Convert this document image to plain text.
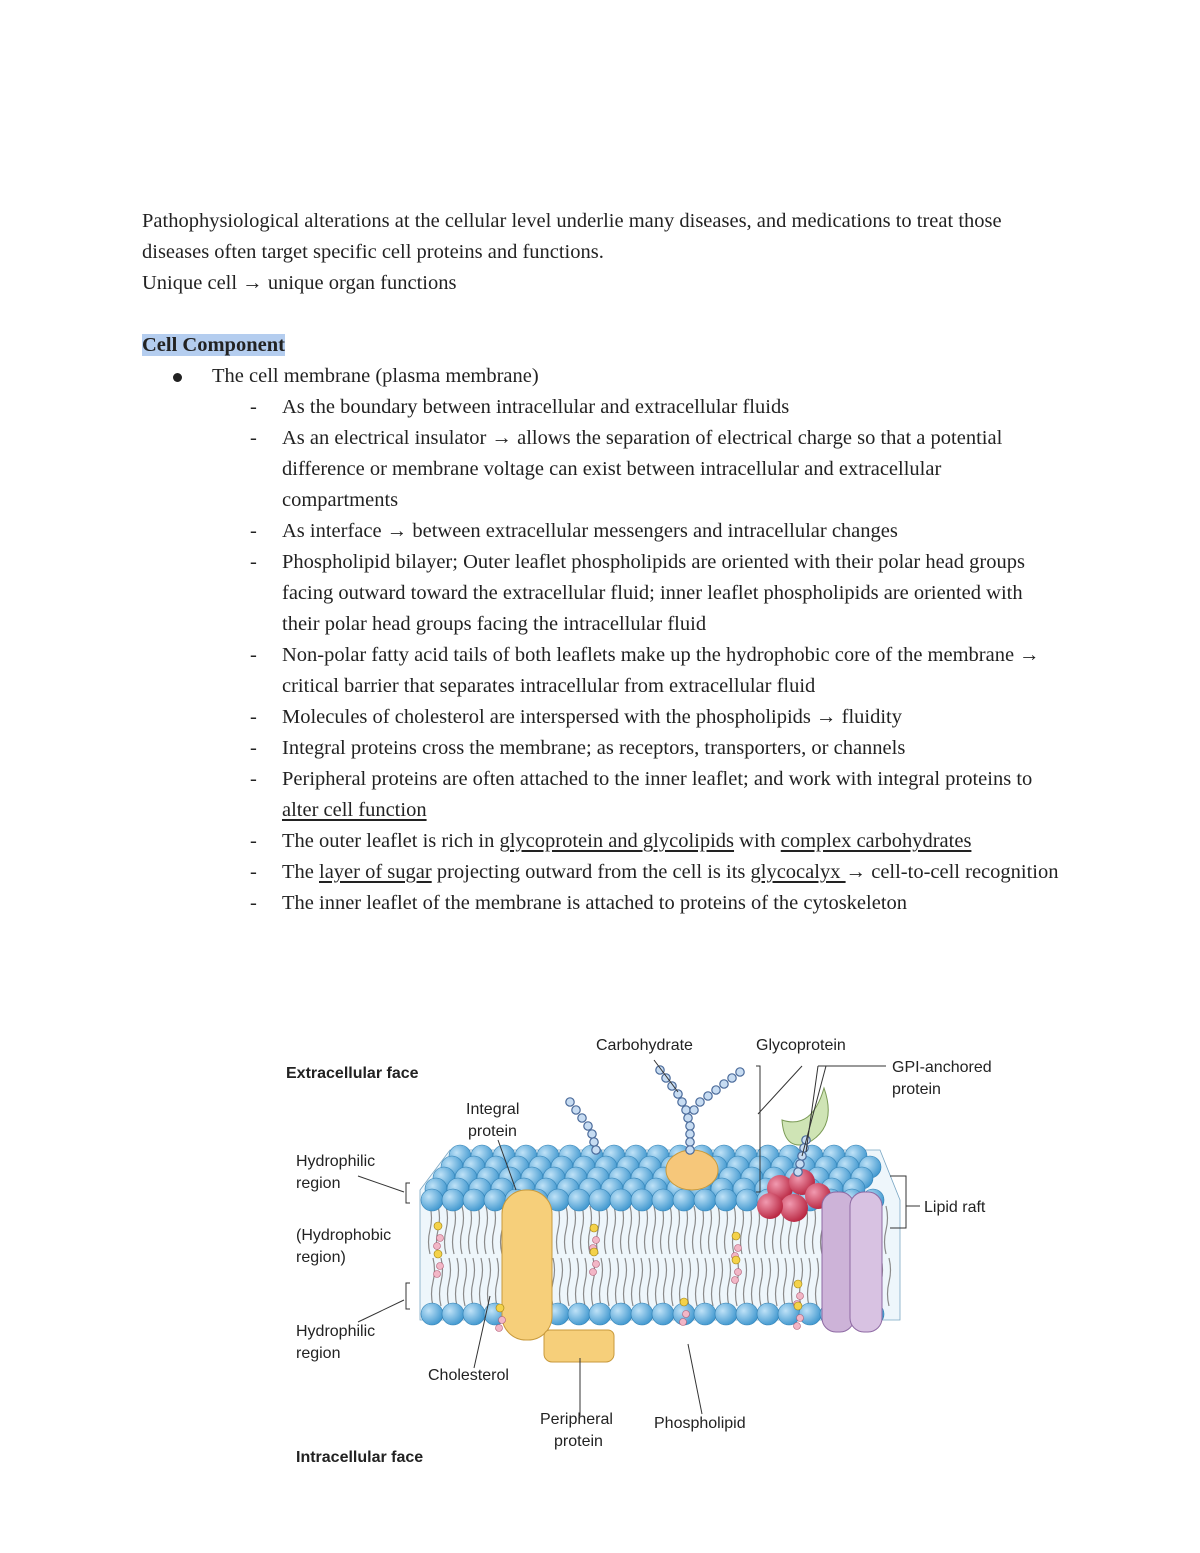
Pathophysiological alterations at the cellular level underlie many diseases, and medications to treat those diseases often target specific cell proteins and functions.

Unique cell → unique organ functions

Cell Component

The cell membrane (plasma membrane)

- As the boundary between intracellular and extracellular fluids
- As an electrical insulator → allows the separation of electrical charge so that a potential difference or membrane voltage can exist between intracellular and extracellular compartments
- As interface → between extracellular messengers and intracellular changes
- Phospholipid bilayer; Outer leaflet phospholipids are oriented with their polar head groups facing outward toward the extracellular fluid; inner leaflet phospholipids are oriented with their polar head groups facing the intracellular fluid
- Non-polar fatty acid tails of both leaflets make up the hydrophobic core of the membrane → critical barrier that separates intracellular from extracellular fluid
- Molecules of cholesterol are interspersed with the phospholipids → fluidity
- Integral proteins cross the membrane; as receptors, transporters, or channels
- Peripheral proteins are often attached to the inner leaflet; and work with integral proteins to alter cell function
- The outer leaflet is rich in glycoprotein and glycolipids with complex carbohydrates
- The layer of sugar projecting outward from the cell is its glycocalyx → cell-to-cell recognition
- The inner leaflet of the membrane is attached to proteins of the cytoskeleton
Extracellular face
Carbohydrate	Glycoprotein
GPI-anchored
protein
Integral
protein
Hydrophilic
region
(Hydrophobic
region)
Hydrophilic
region
Lipid raft
Cholesterol
Peripheral
protein
Phospholipid
Intracellular face
